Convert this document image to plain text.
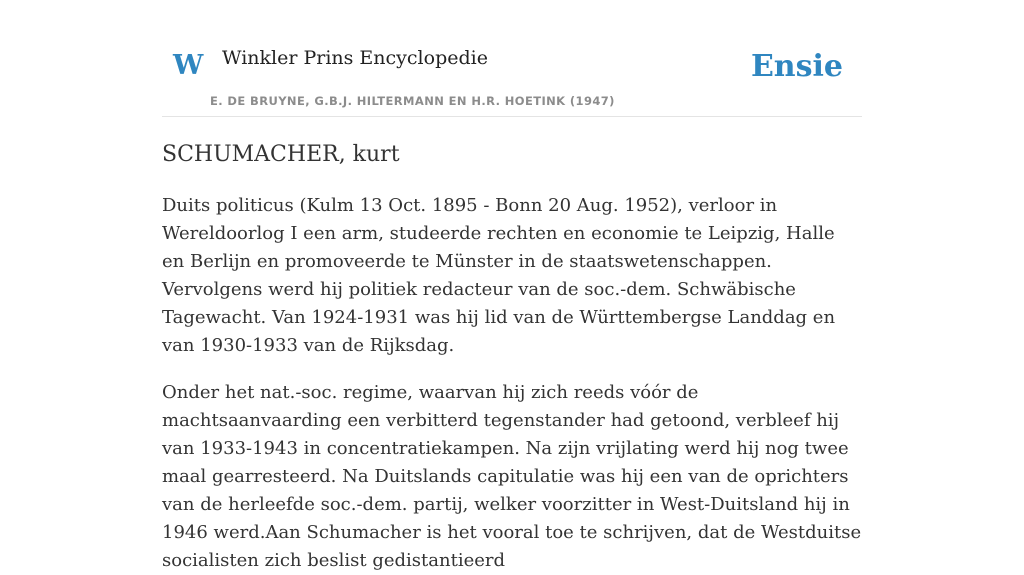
W Winkler Prins Encyclopedie
E. DE BRUYNE, G.B.J. HILTERMANN EN H.R. HOETINK (1947)
Ensie
SCHUMACHER, kurt

Duits politicus (Kulm 13 Oct. 1895 - Bonn 20 Aug. 1952), verloor in Wereldoorlog I een arm, studeerde rechten en economie te Leipzig, Halle en Berlijn en promoveerde te Münster in de staatswetenschappen. Vervolgens werd hij politiek redacteur van de soc.-dem. Schwäbische Tagewacht. Van 1924-1931 was hij lid van de Württembergse Landdag en van 1930-1933 van de Rijksdag.

Onder het nat.-soc. regime, waarvan hij zich reeds vóór de machtsaanvaarding een verbitterd tegenstander had getoond, verbleef hij van 1933-1943 in concentratiekampen. Na zijn vrijlating werd hij nog twee maal gearresteerd. Na Duitslands capitulatie was hij een van de oprichters van de herleefde soc.-dem. partij, welker voorzitter in West-Duitsland hij in 1946 werd.Aan Schumacher is het vooral toe te schrijven, dat de Westduitse socialisten zich beslist gedistantieerd
